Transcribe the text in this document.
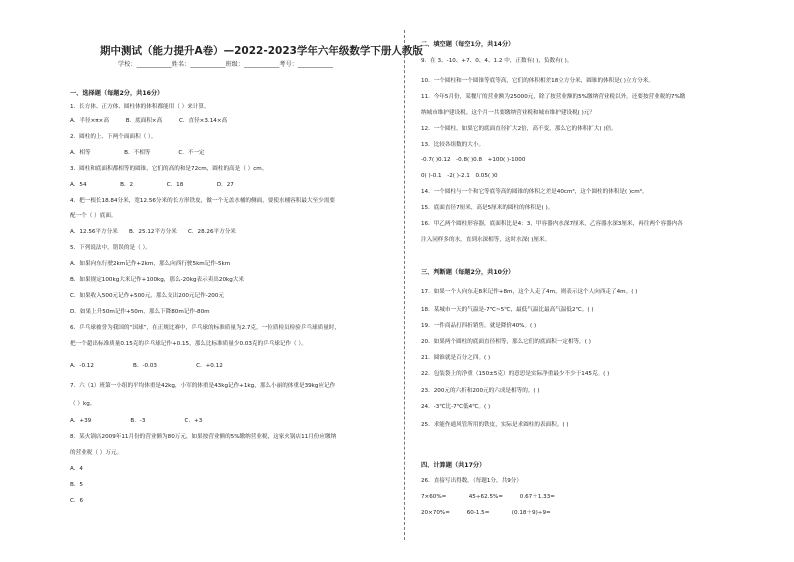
期中测试（能力提升A卷）—2022-2023学年六年级数学下册人教版
学校：___________姓名：___________班级：___________考号：___________
一、选择题（每题2分，共16分）
1．长方体、正方体、圆柱体的体积都能用（ ）来计算。
A．半径×π×高　　　B．底面积×高　　　C．直径×3.14×高
2．圆柱的上、下两个面面积（ ）。
A．相等　　　　　　B．不相等　　　　　C．不一定
3．圆柱和底面积都相等的圆锥，它们的高的和是72cm，圆柱的高是（ ）cm。
A．54　　　　　　B．2　　　　　　C．18　　　　　　D．27
4．把一根长18.84分米，宽12.56分米的长方形铁皮，做一个无盖水桶的侧面，要使水桶容积最大至少需要
配一个（ ）底面。
A．12.56平方分米　　B．25.12平方分米　　C．28.26平方分米
5．下列说法中，错误的是（ ）。
A．如果向东行驶2km记作+2km，那么向西行驶5km记作-5km
B．如果规定100kg大米记作+100kg，那么-20kg表示卖出20kg大米
C．如果收入500元记作+500元，那么支出200元记作-200元
D．如果上升50m记作+50m，那么下降80m记作-80m
6．乒乓球被誉为我国的“国球”，在正规比赛中，乒乓球的标准质量为2.7克，一位质检员检验乒乓球质量时，
把一个超出标准质量0.15克的乒乓球记作+0.15，那么比标准质量少0.03克的乒乓球记作（ ）。
A．-0.12　　　　　　　B．-0.03　　　　　　　C．+0.12
7．六（1）班第一小组的平均体重是42kg，小军的体重是43kg记作+1kg，那么小丽的体重是39kg应记作
（ ）kg。
A．+39　　　　　　　B．-3　　　　　　　C．+3
8．某火锅店2009年11月份的营业额为80万元，如果按营业额的5%缴纳营业税，这家火锅店11月份应缴纳
的营业税（ ）万元。
A．4
B．5
C．6
二、填空题（每空1分，共14分）
9．在 3、-10、+7、0、4、1.2 中，正数有( )，负数有( )。
10．一个圆柱和一个圆锥等底等高，它们的体积相差18立方分米，圆锥的体积是( )立方分米。
11．今年5月份，某餐厅的营业额为25000元，除了按营业额的5%缴纳营业税以外，还要按营业税的7%缴
纳城市维护建设税。这个月一共要缴纳营业税和城市维护建设税( )元？
12．一个圆柱，如果它的底面直径扩大2倍，高不变，那么它的体积扩大( )倍。
13．比较各组数的大小。
-0.7( )0.12　-0.8( )0.8　+100( )-1000
0( )-0.1　-2( )-2.1　0.05( )0
14．一个圆柱与一个和它等底等高的圆锥的体积之差是40cm³，这个圆柱的体积是( )cm³。
15．底面直径7厘米，高是5厘米的圆柱的体积是( )。
16．甲乙两个圆柱形容器，底面积比是4：3，甲容器内水深7厘米，乙容器水深3厘米，再往两个容器内各
注入同样多的水，直到水深相等，这时水深( )厘米。
三、判断题（每题2分，共10分）
17．如果一个人向东走8米记作+8m，这个人走了4m，则表示这个人向西走了4m。( )
18．某城市一天的气温是-7℃~5℃，最低气温比最高气温低2℃。( )
19．一件商品打四折销售，就是降价40%。( )
20．如果两个圆柱的底面直径相等，那么它们的底面积一定相等。( )
21．圆锥就是百分之四。( )
22．包装袋上的净重（150±5克）的意思是实际净重最少不少于145克。( )
23．200元的六折和200元的六成是相等的。( )
24．-3℃比-7℃低4℃。( )
25．求能作通风管所用的铁皮，实际是求圆柱的表面积。( )
四、计算题（共17分）
26．直接写出得数。（每题1分，共9分）
7×60%=　　　　45÷62.5%=　　　0.67＋1.33=
20×70%=　　　60-1.5=　　　　(0.18＋9)÷9=
